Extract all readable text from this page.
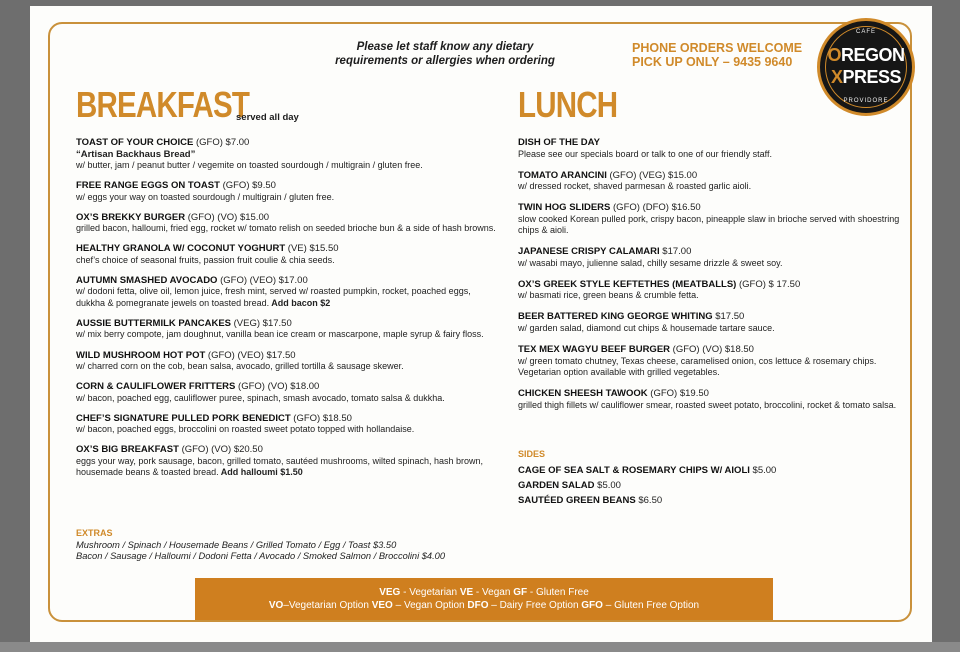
Please let staff know any dietary
requirements or allergies when ordering
PHONE ORDERS WELCOME
PICK UP ONLY – 9435 9640
CAFE
OREGON
XPRESS
PROVIDORE
BREAKFAST
served all day
TOAST OF YOUR CHOICE (GFO) $7.00
“Artisan Backhaus Bread”
w/ butter, jam / peanut butter / vegemite on toasted sourdough / multigrain / gluten free.
FREE RANGE EGGS ON TOAST (GFO) $9.50
w/ eggs your way on toasted sourdough / multigrain / gluten free.
OX’S BREKKY BURGER (GFO) (VO) $15.00
grilled bacon, halloumi, fried egg, rocket w/ tomato relish on seeded brioche bun & a side of hash browns.
HEALTHY GRANOLA W/ COCONUT YOGHURT (VE) $15.50
chef’s choice of seasonal fruits, passion fruit coulie & chia seeds.
AUTUMN SMASHED AVOCADO (GFO) (VEO) $17.00
w/ dodoni fetta, olive oil, lemon juice, fresh mint, served w/ roasted pumpkin, rocket, poached eggs, dukkha & pomegranate jewels on toasted bread. Add bacon $2
AUSSIE BUTTERMILK PANCAKES (VEG) $17.50
w/ mix berry compote, jam doughnut, vanilla bean ice cream or mascarpone, maple syrup & fairy floss.
WILD MUSHROOM HOT POT (GFO) (VEO) $17.50
w/ charred corn on the cob, bean salsa, avocado, grilled tortilla & sausage skewer.
CORN & CAULIFLOWER FRITTERS (GFO) (VO) $18.00
w/ bacon, poached egg, cauliflower puree, spinach, smash avocado, tomato salsa & dukkha.
CHEF’S SIGNATURE PULLED PORK BENEDICT (GFO) $18.50
w/ bacon, poached eggs, broccolini on roasted sweet potato topped with hollandaise.
OX’S BIG BREAKFAST (GFO) (VO) $20.50
eggs your way, pork sausage, bacon, grilled tomato, sautéed mushrooms, wilted spinach, hash brown, housemade beans & toasted bread. Add halloumi $1.50
EXTRAS
Mushroom / Spinach / Housemade Beans / Grilled Tomato / Egg / Toast $3.50
Bacon / Sausage / Halloumi / Dodoni Fetta / Avocado / Smoked Salmon / Broccolini $4.00
LUNCH
DISH OF THE DAY
Please see our specials board or talk to one of our friendly staff.
TOMATO ARANCINI (GFO) (VEG) $15.00
w/ dressed rocket, shaved parmesan & roasted garlic aioli.
TWIN HOG SLIDERS (GFO) (DFO) $16.50
slow cooked Korean pulled pork, crispy bacon, pineapple slaw in brioche served with shoestring chips & aioli.
JAPANESE CRISPY CALAMARI $17.00
w/ wasabi mayo, julienne salad, chilly sesame drizzle & sweet soy.
OX’S GREEK STYLE KEFTETHES (MEATBALLS) (GFO) $ 17.50
w/ basmati rice, green beans & crumble fetta.
BEER BATTERED KING GEORGE WHITING $17.50
w/ garden salad, diamond cut chips & housemade tartare sauce.
TEX MEX WAGYU BEEF BURGER (GFO) (VO) $18.50
w/ green tomato chutney, Texas cheese, caramelised onion, cos lettuce & rosemary chips. Vegetarian option available with grilled vegetables.
CHICKEN SHEESH TAWOOK (GFO) $19.50
grilled thigh fillets w/ cauliflower smear, roasted sweet potato, broccolini, rocket & tomato salsa.
SIDES
CAGE OF SEA SALT & ROSEMARY CHIPS W/ AIOLI $5.00
GARDEN SALAD $5.00
SAUTÉED GREEN BEANS $6.50
VEG - Vegetarian VE - Vegan GF - Gluten Free
VO–Vegetarian Option VEO – Vegan Option DFO – Dairy Free Option GFO – Gluten Free Option
